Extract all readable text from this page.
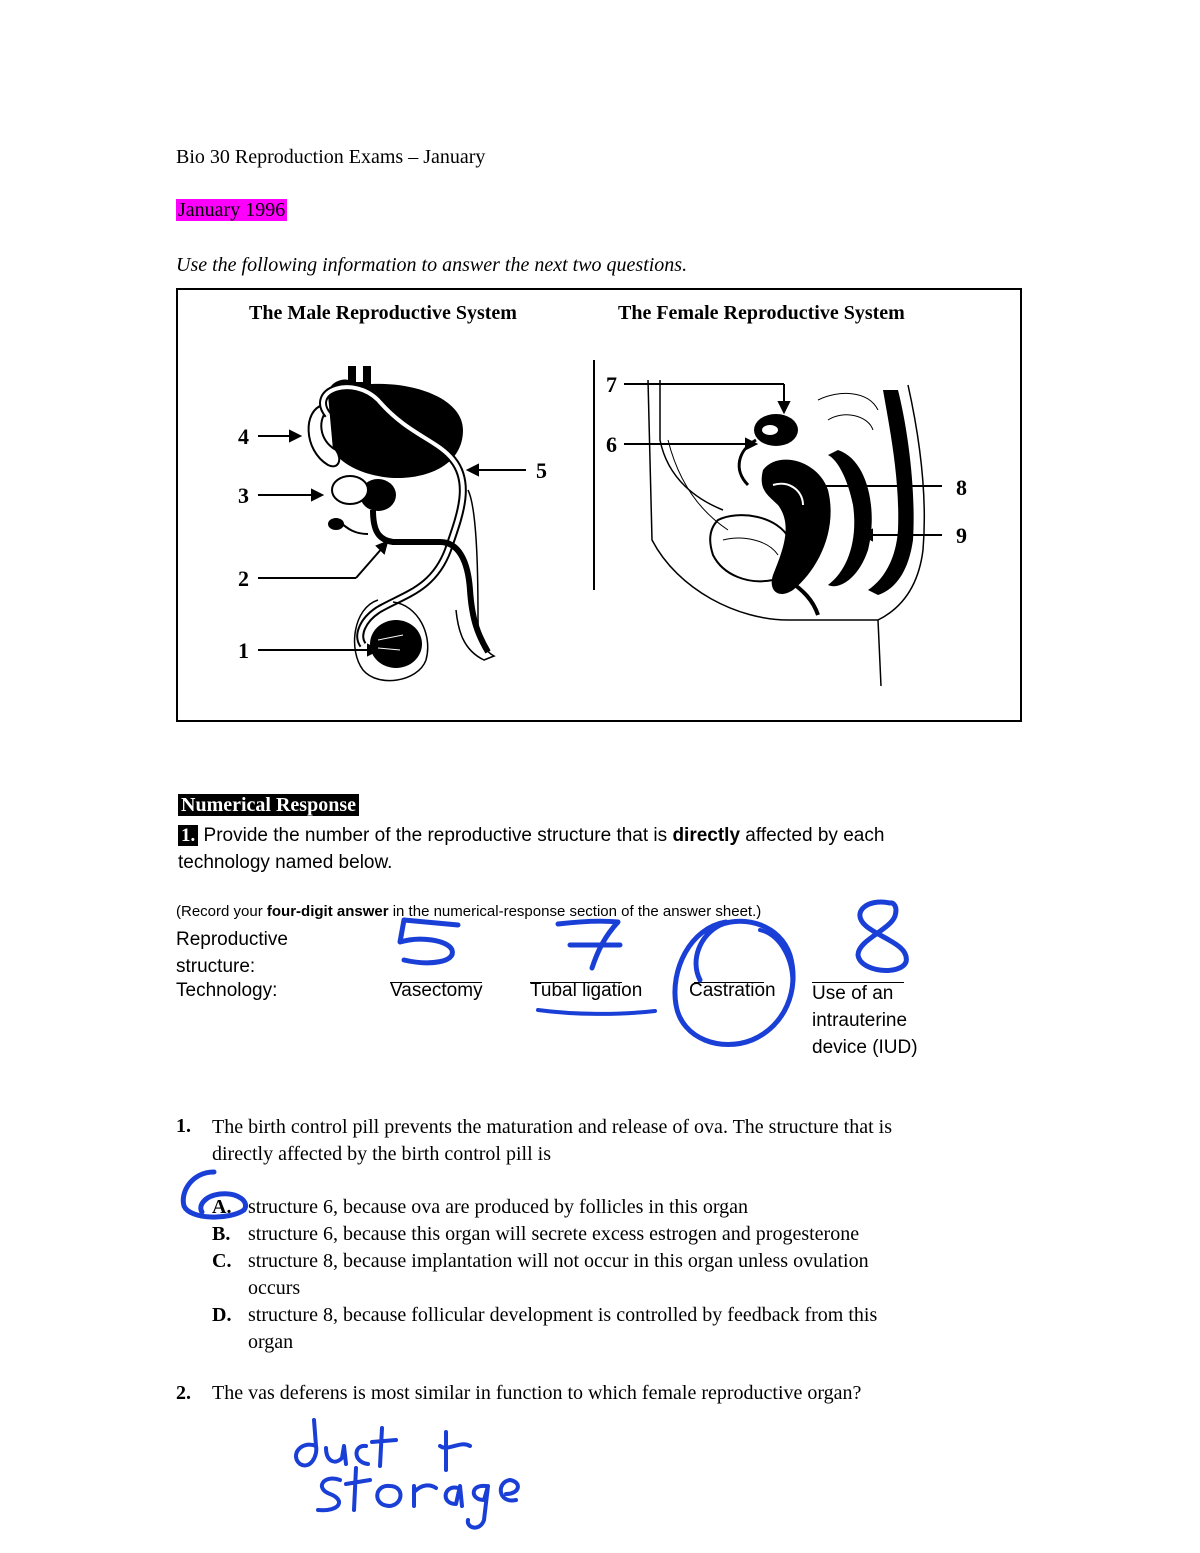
Bio 30 Reproduction Exams – January
January 1996
Use the following information to answer the next two questions.
The Male Reproductive System	The Female Reproductive System
4
3
2
1
5
7
6
8
9
Numerical Response
1. Provide the number of the reproductive structure that is directly affected by each
technology named below.
(Record your four-digit answer in the numerical-response section of the answer sheet.)
Reproductive
structure:
Technology:	Vasectomy Tubal ligation Castration Use of an
intrauterine
device (IUD)
1. The birth control pill prevents the maturation and release of ova. The structure that is
directly affected by the birth control pill is
A. structure 6, because ova are produced by follicles in this organ
B. structure 6, because this organ will secrete excess estrogen and progesterone
C. structure 8, because implantation will not occur in this organ unless ovulation
occurs
D. structure 8, because follicular development is controlled by feedback from this
organ
2. The vas deferens is most similar in function to which female reproductive organ?
